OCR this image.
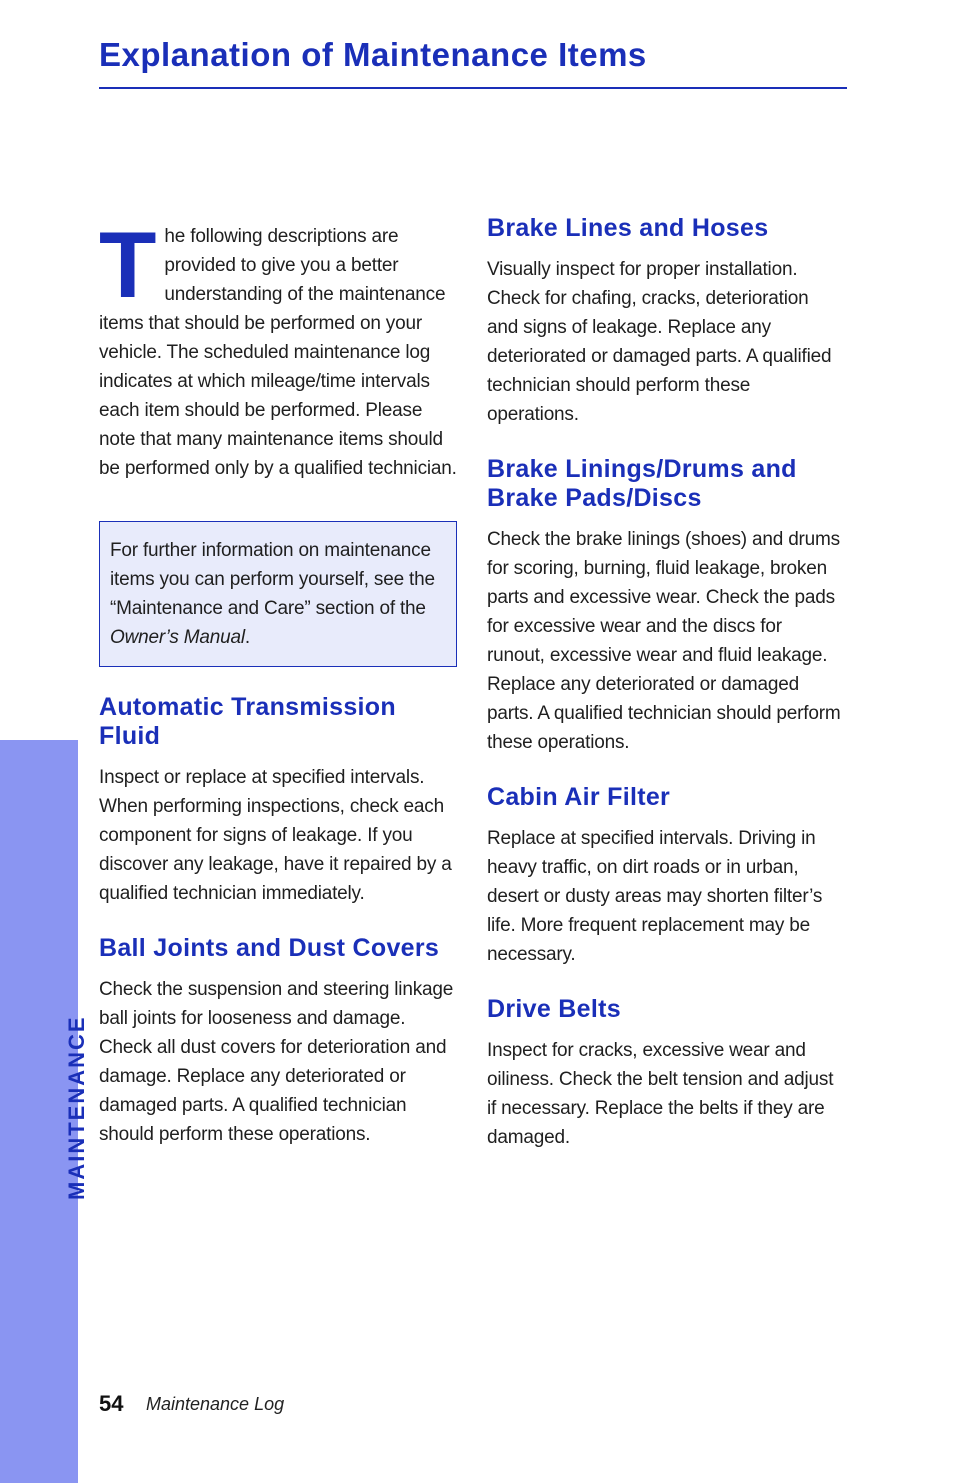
Explanation of Maintenance Items
T he following descriptions are provided to give you a better understanding of the maintenance items that should be performed on your vehicle. The scheduled maintenance log indicates at which mileage/time intervals each item should be performed. Please note that many maintenance items should be performed only by a qualified technician.

For further information on maintenance items you can perform yourself, see the “Maintenance and Care” section of the Owner’s Manual.

Automatic Transmission Fluid

Inspect or replace at specified intervals. When performing inspections, check each component for signs of leakage. If you discover any leakage, have it repaired by a qualified technician immediately.

Ball Joints and Dust Covers

Check the suspension and steering linkage ball joints for looseness and damage. Check all dust covers for deterioration and damage. Replace any deteriorated or damaged parts. A qualified technician should perform these operations.

Brake Lines and Hoses

Visually inspect for proper installation. Check for chafing, cracks, deterioration and signs of leakage. Replace any deteriorated or damaged parts. A qualified technician should perform these operations.

Brake Linings/Drums and Brake Pads/Discs

Check the brake linings (shoes) and drums for scoring, burning, fluid leakage, broken parts and excessive wear. Check the pads for excessive wear and the discs for runout, excessive wear and fluid leakage. Replace any deteriorated or damaged parts. A qualified technician should perform these operations.

Cabin Air Filter

Replace at specified intervals. Driving in heavy traffic, on dirt roads or in urban, desert or dusty areas may shorten filter’s life. More frequent replacement may be necessary.

Drive Belts

Inspect for cracks, excessive wear and oiliness. Check the belt tension and adjust if necessary. Replace the belts if they are damaged.

MAINTENANCE
54 Maintenance Log
